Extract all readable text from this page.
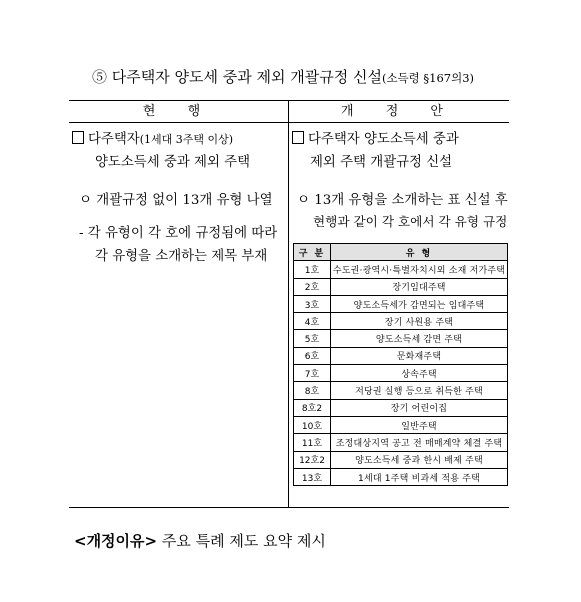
⑤ 다주택자 양도세 중과 제외 개괄규정 신설(소득령 §167의3)
현 행	개 정 안
다주택자(1세대 3주택 이상)
양도소득세 중과 제외 주택
ㅇ 개괄규정 없이 13개 유형 나열
- 각 유형이 각 호에 규정됨에 따라
각 유형을 소개하는 제목 부재
다주택자 양도소득세 중과
제외 주택 개괄규정 신설
ㅇ 13개 유형을 소개하는 표 신설 후
현행과 같이 각 호에서 각 유형 규정
구 분	유 형
1호	수도권·광역시·특별자치시외 소재 저가주택
2호	장기임대주택
3호	양도소득세가 감면되는 임대주택
4호	장기 사원용 주택
5호	양도소득세 감면 주택
6호	문화재주택
7호	상속주택
8호	저당권 실행 등으로 취득한 주택
8호2	장기 어린이집
10호	일반주택
11호	조정대상지역 공고 전 매매계약 체결 주택
12호2	양도소득세 중과 한시 배제 주택
13호	1세대 1주택 비과세 적용 주택
<개정이유> 주요 특례 제도 요약 제시
